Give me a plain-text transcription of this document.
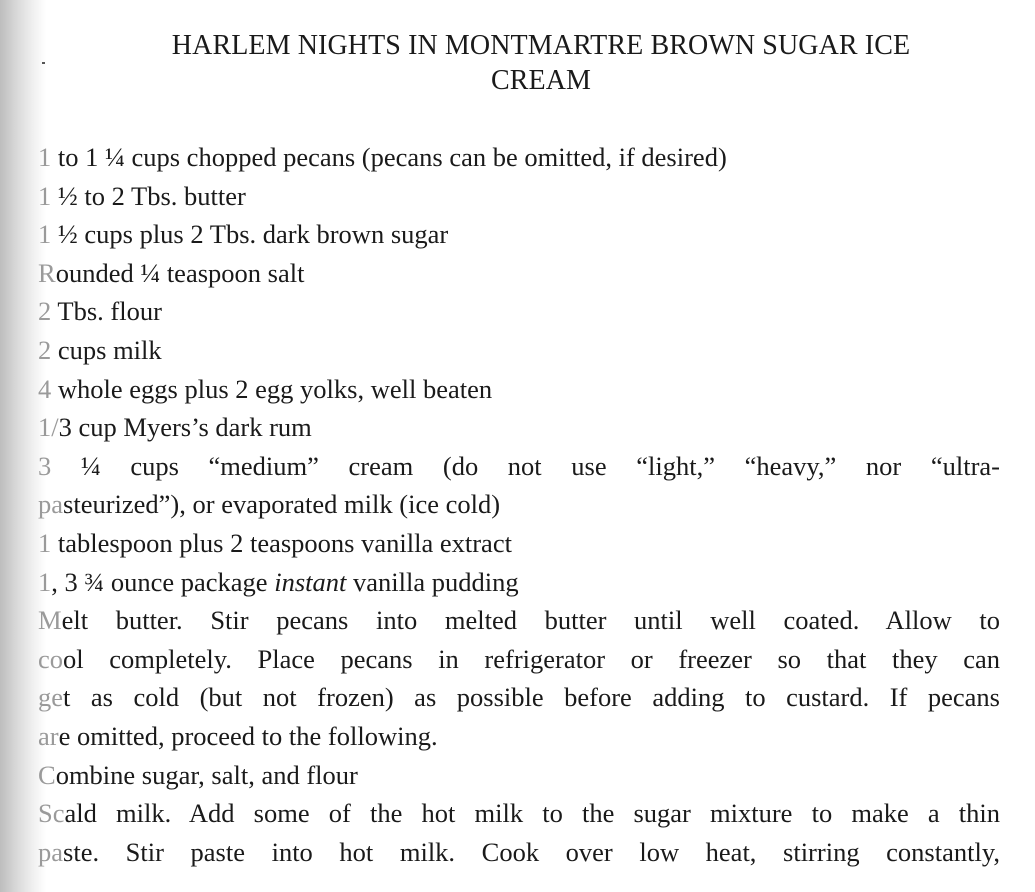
HARLEM NIGHTS IN MONTMARTRE BROWN SUGAR ICE
CREAM
1 to 1 ¼ cups chopped pecans (pecans can be omitted, if desired)
1 ½ to 2 Tbs. butter
1 ½ cups plus 2 Tbs. dark brown sugar
Rounded ¼ teaspoon salt
2 Tbs. flour
2 cups milk
4 whole eggs plus 2 egg yolks, well beaten
1/3 cup Myers’s dark rum
3 ¼ cups “medium” cream (do not use “light,” “heavy,” nor “ultra-
pasteurized”), or evaporated milk (ice cold)
1 tablespoon plus 2 teaspoons vanilla extract
1, 3 ¾ ounce package instant vanilla pudding
Melt butter. Stir pecans into melted butter until well coated. Allow to
cool completely. Place pecans in refrigerator or freezer so that they can
get as cold (but not frozen) as possible before adding to custard. If pecans
are omitted, proceed to the following.
Combine sugar, salt, and flour
Scald milk. Add some of the hot milk to the sugar mixture to make a thin
paste. Stir paste into hot milk. Cook over low heat, stirring constantly,
